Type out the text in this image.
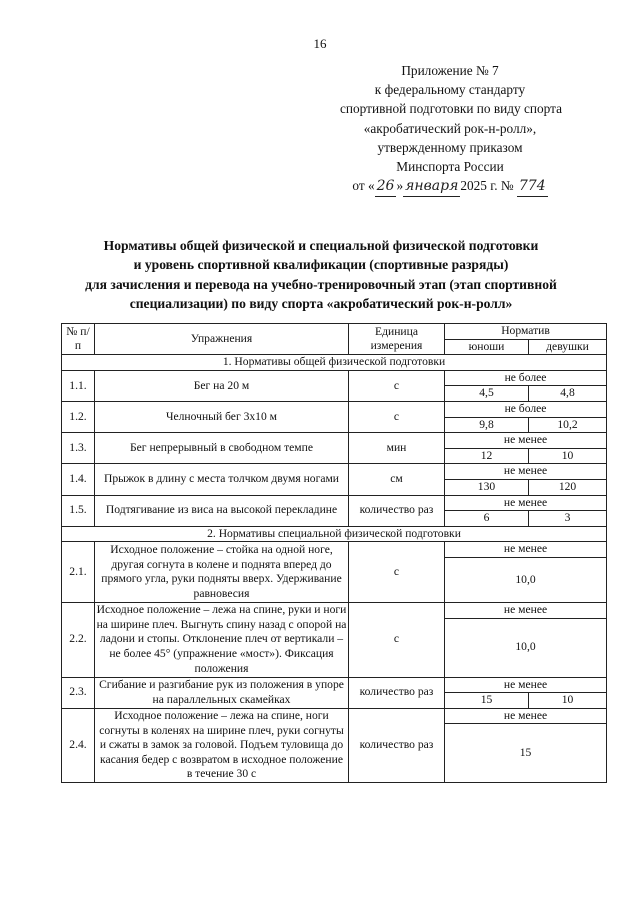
16
Приложение № 7
к федеральному стандарту
спортивной подготовки по виду спорта
«акробатический рок-н-ролл»,
утвержденному приказом
Минспорта России
от « 26 » января 2025 г. № 774
Нормативы общей физической и специальной физической подготовки
и уровень спортивной квалификации (спортивные разряды)
для зачисления и перевода на учебно-тренировочный этап (этап спортивной
специализации) по виду спорта «акробатический рок-н-ролл»
№ п/п	Упражнения	Единица измерения	Норматив	
			юноши	девушки
1. Нормативы общей физической подготовки				
1.1.	Бег на 20 м	с	не более	
			4,5	4,8
1.2.	Челночный бег 3х10 м	с	не более	
			9,8	10,2
1.3.	Бег непрерывный в свободном темпе	мин	не менее	
			12	10
1.4.	Прыжок в длину с места толчком двумя ногами	см	не менее	
			130	120
1.5.	Подтягивание из виса на высокой перекладине	количество раз	не менее	
			6	3
2. Нормативы специальной физической подготовки				
2.1.	Исходное положение – стойка на одной ноге, другая согнута в колене и поднята вперед до прямого угла, руки подняты вверх. Удерживание равновесия	с	не менее	
			10,0	
2.2.	Исходное положение – лежа на спине, руки и ноги на ширине плеч. Выгнуть спину назад с опорой на ладони и стопы. Отклонение плеч от вертикали – не более 45° (упражнение «мост»). Фиксация положения	с	не менее	
			10,0	
2.3.	Сгибание и разгибание рук из положения в упоре на параллельных скамейках	количество раз	не менее	
			15	10
2.4.	Исходное положение – лежа на спине, ноги согнуты в коленях на ширине плеч, руки согнуты и сжаты в замок за головой. Подъем туловища до касания бедер с возвратом в исходное положение в течение 30 с	количество раз	не менее	
			15	
